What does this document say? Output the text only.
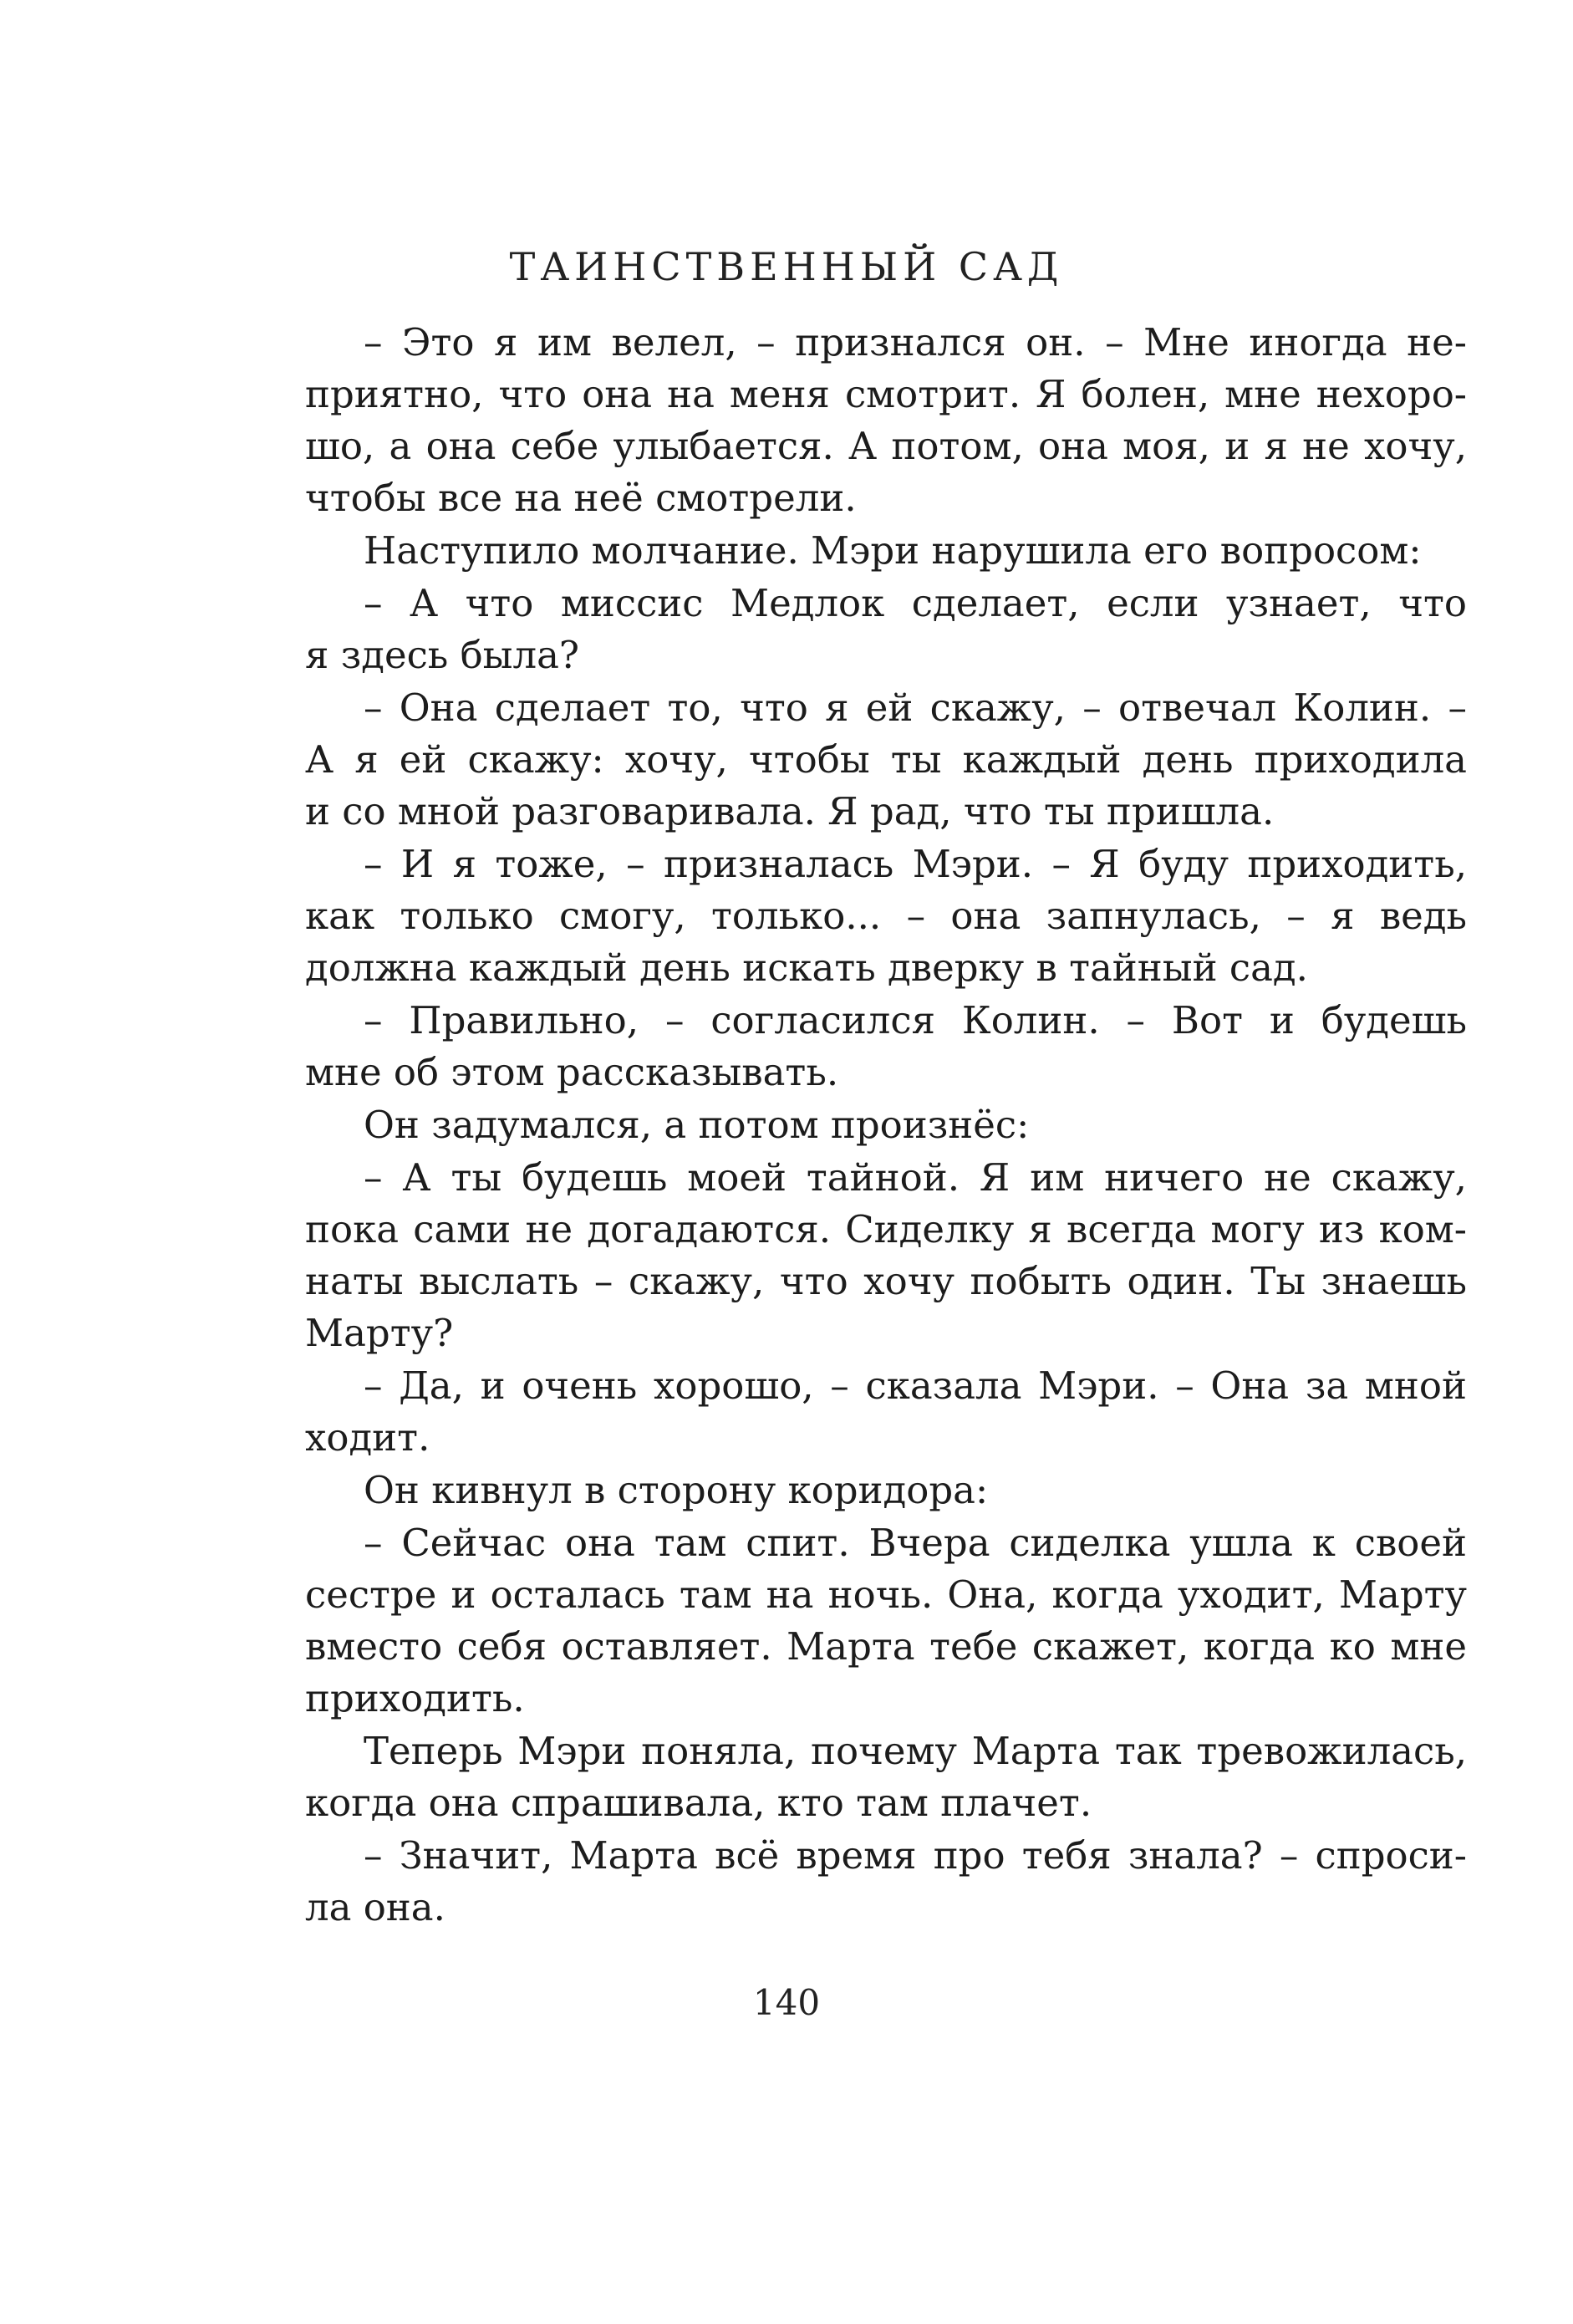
ТАИНСТВЕННЫЙ САД

– Это я им велел, – признался он. – Мне иногда не-
приятно, что она на меня смотрит. Я болен, мне нехоро-
шо, а она себе улыбается. А потом, она моя, и я не хочу,
чтобы все на неё смотрели.

Наступило молчание. Мэри нарушила его вопросом:

– А что миссис Медлок сделает, если узнает, что
я здесь была?

– Она сделает то, что я ей скажу, – отвечал Колин. –
А я ей скажу: хочу, чтобы ты каждый день приходила
и со мной разговаривала. Я рад, что ты пришла.

– И я тоже, – призналась Мэри. – Я буду приходить,
как только смогу, только... – она запнулась, – я ведь
должна каждый день искать дверку в тайный сад.

– Правильно, – согласился Колин. – Вот и будешь
мне об этом рассказывать.

Он задумался, а потом произнёс:

– А ты будешь моей тайной. Я им ничего не скажу,
пока сами не догадаются. Сиделку я всегда могу из ком-
наты выслать – скажу, что хочу побыть один. Ты знаешь
Марту?

– Да, и очень хорошо, – сказала Мэри. – Она за мной
ходит.

Он кивнул в сторону коридора:

– Сейчас она там спит. Вчера сиделка ушла к своей
сестре и осталась там на ночь. Она, когда уходит, Марту
вместо себя оставляет. Марта тебе скажет, когда ко мне
приходить.

Теперь Мэри поняла, почему Марта так тревожилась,
когда она спрашивала, кто там плачет.

– Значит, Марта всё время про тебя знала? – спроси-
ла она.

140
